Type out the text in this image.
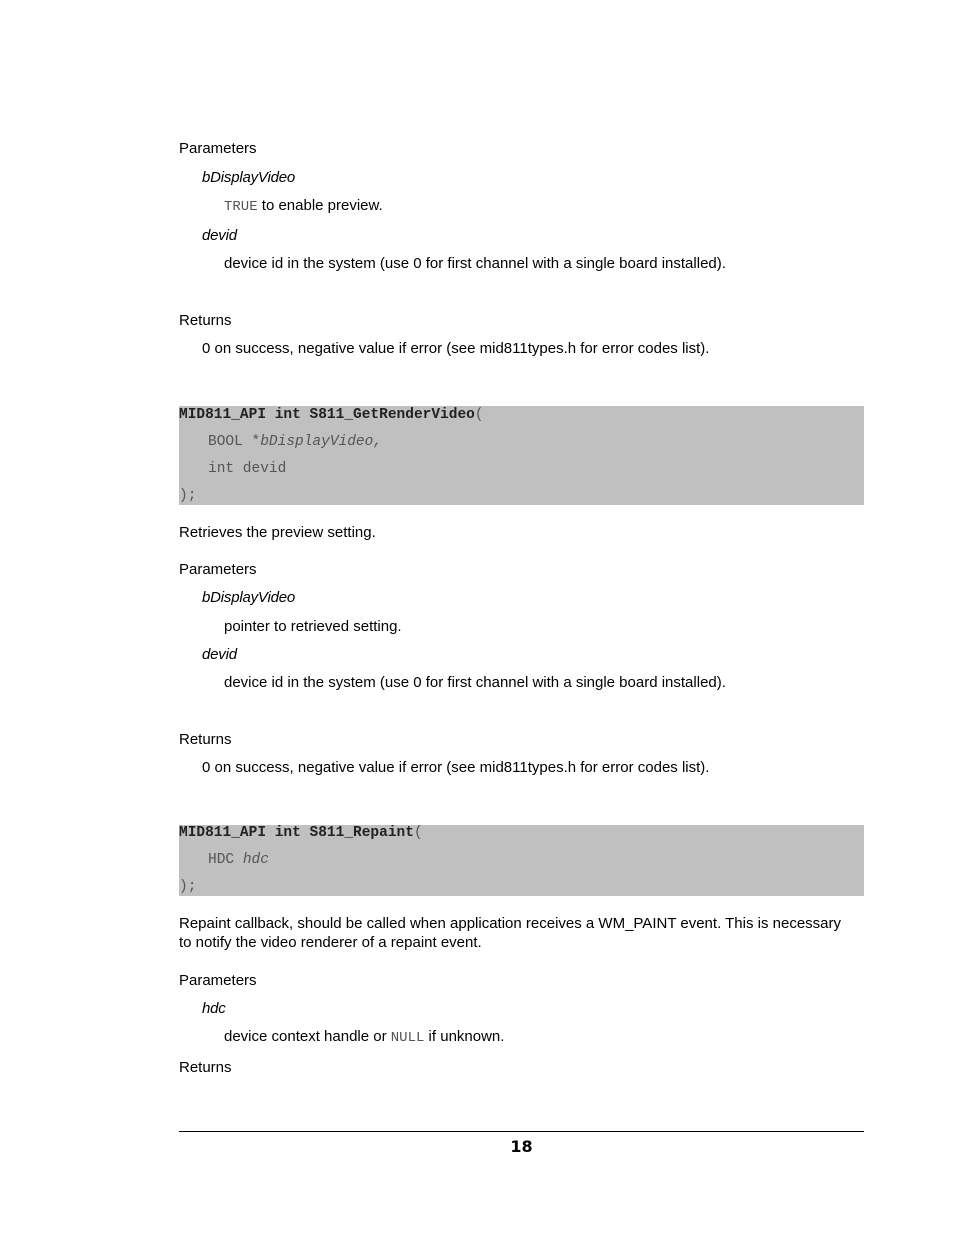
Parameters
bDisplayVideo
TRUE to enable preview.
devid
device id in the system (use 0 for first channel with a single board installed).
Returns
0 on success, negative value if error (see mid811types.h for error codes list).
MID811_API int S811_GetRenderVideo(
BOOL *bDisplayVideo,
int devid
);
Retrieves the preview setting.
Parameters
bDisplayVideo
pointer to retrieved setting.
devid
device id in the system (use 0 for first channel with a single board installed).
Returns
0 on success, negative value if error (see mid811types.h for error codes list).
MID811_API int S811_Repaint(
HDC hdc
);
Repaint callback, should be called when application receives a WM_PAINT event. This is necessary
to notify the video renderer of a repaint event.
Parameters
hdc
device context handle or NULL if unknown.
Returns
18
